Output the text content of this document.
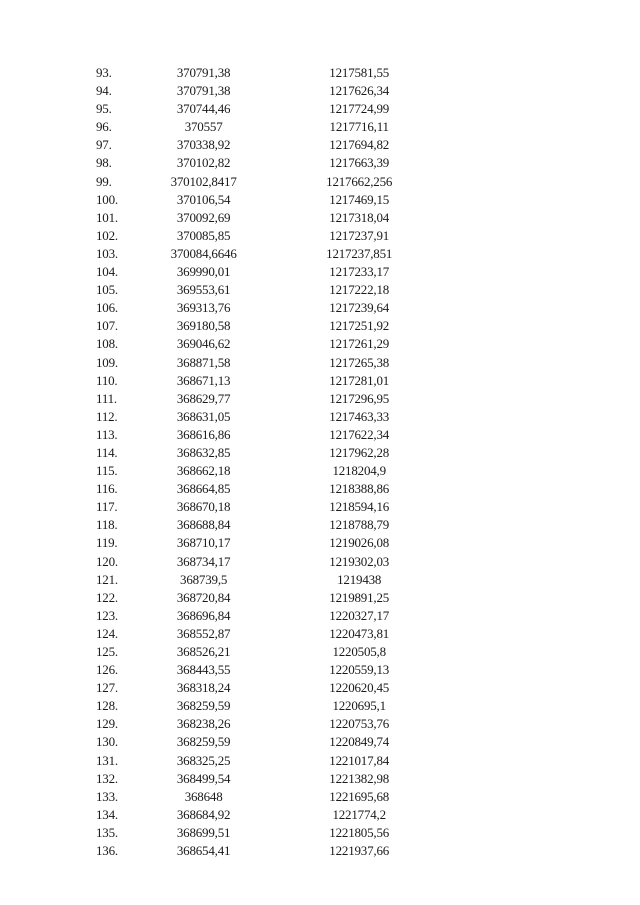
93.	370791,38	1217581,55
94.	370791,38	1217626,34
95.	370744,46	1217724,99
96.	370557	1217716,11
97.	370338,92	1217694,82
98.	370102,82	1217663,39
99.	370102,8417	1217662,256
100.	370106,54	1217469,15
101.	370092,69	1217318,04
102.	370085,85	1217237,91
103.	370084,6646	1217237,851
104.	369990,01	1217233,17
105.	369553,61	1217222,18
106.	369313,76	1217239,64
107.	369180,58	1217251,92
108.	369046,62	1217261,29
109.	368871,58	1217265,38
110.	368671,13	1217281,01
111.	368629,77	1217296,95
112.	368631,05	1217463,33
113.	368616,86	1217622,34
114.	368632,85	1217962,28
115.	368662,18	1218204,9
116.	368664,85	1218388,86
117.	368670,18	1218594,16
118.	368688,84	1218788,79
119.	368710,17	1219026,08
120.	368734,17	1219302,03
121.	368739,5	1219438
122.	368720,84	1219891,25
123.	368696,84	1220327,17
124.	368552,87	1220473,81
125.	368526,21	1220505,8
126.	368443,55	1220559,13
127.	368318,24	1220620,45
128.	368259,59	1220695,1
129.	368238,26	1220753,76
130.	368259,59	1220849,74
131.	368325,25	1221017,84
132.	368499,54	1221382,98
133.	368648	1221695,68
134.	368684,92	1221774,2
135.	368699,51	1221805,56
136.	368654,41	1221937,66
